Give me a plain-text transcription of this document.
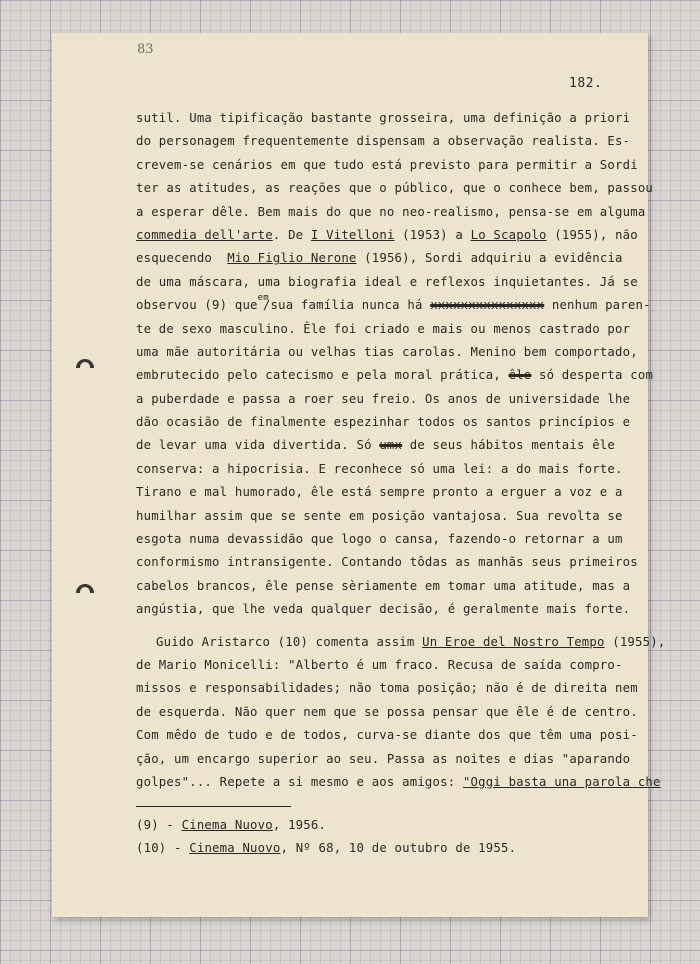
83
182.
sutil. Uma tipificação bastante grosseira, uma definição a priori
do personagem frequentemente dispensam a observação realista. Es-
crevem-se cenários em que tudo está previsto para permitir a Sordi
ter as atitudes, as reações que o público, que o conhece bem, passou
a esperar dêle. Bem mais do que no neo-realismo, pensa-se em alguma
commedia dell'arte. De I Vitelloni (1953) a Lo Scapolo (1955), não
esquecendo Mio Figlio Nerone (1956), Sordi adquiriu a evidência
de uma máscara, uma biografia ideal e reflexos inquietantes. Já se
observou (9) que$^{em}$/sua família nunca há xxxxxxxxxxxxxxx nenhum paren-
te de sexo masculino. Êle foi criado e mais ou menos castrado por
uma mãe autoritária ou velhas tias carolas. Menino bem comportado,
embrutecido pelo catecismo e pela moral prática, êle só desperta com
a puberdade e passa a roer seu freio. Os anos de universidade lhe
dão ocasião de finalmente espezinhar todos os santos princípios e
de levar uma vida divertida. Só umx de seus hábitos mentais êle
conserva: a hipocrisia. E reconhece só uma lei: a do mais forte.
Tirano e mal humorado, êle está sempre pronto a erguer a voz e a
humilhar assim que se sente em posição vantajosa. Sua revolta se
esgota numa devassidão que logo o cansa, fazendo-o retornar a um
conformismo intransigente. Contando tôdas as manhãs seus primeiros
cabelos brancos, êle pense sèriamente em tomar uma atitude, mas a
angústia, que lhe veda qualquer decisão, é geralmente mais forte.
Guido Aristarco (10) comenta assim Un Eroe del Nostro Tempo (1955),
de Mario Monicelli: "Alberto é um fraco. Recusa de saída compro-
missos e responsabilidades; não toma posição; não é de direita nem
de esquerda. Não quer nem que se possa pensar que êle é de centro.
Com mêdo de tudo e de todos, curva-se diante dos que têm uma posi-
ção, um encargo superior ao seu. Passa as noites e dias "aparando
golpes"... Repete a si mesmo e aos amigos: "Oggi basta una parola che
(9) - Cinema Nuovo, 1956.
(10) - Cinema Nuovo, Nº 68, 10 de outubro de 1955.
